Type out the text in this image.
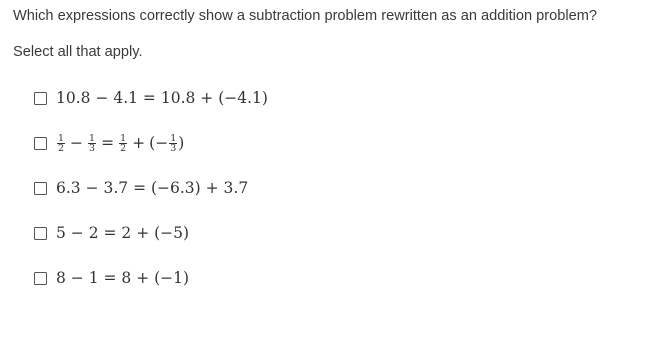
Which expressions correctly show a subtraction problem rewritten as an addition problem?
Select all that apply.
10.8 − 4.1 = 10.8 + (−4.1)
$\frac{1}{2} - \frac{1}{3} = \frac{1}{2}$ + (− $\frac{1}{3}$ )
6.3 − 3.7 = (−6.3) + 3.7
5 − 2 = 2 + (−5)
8 − 1 = 8 + (−1)
